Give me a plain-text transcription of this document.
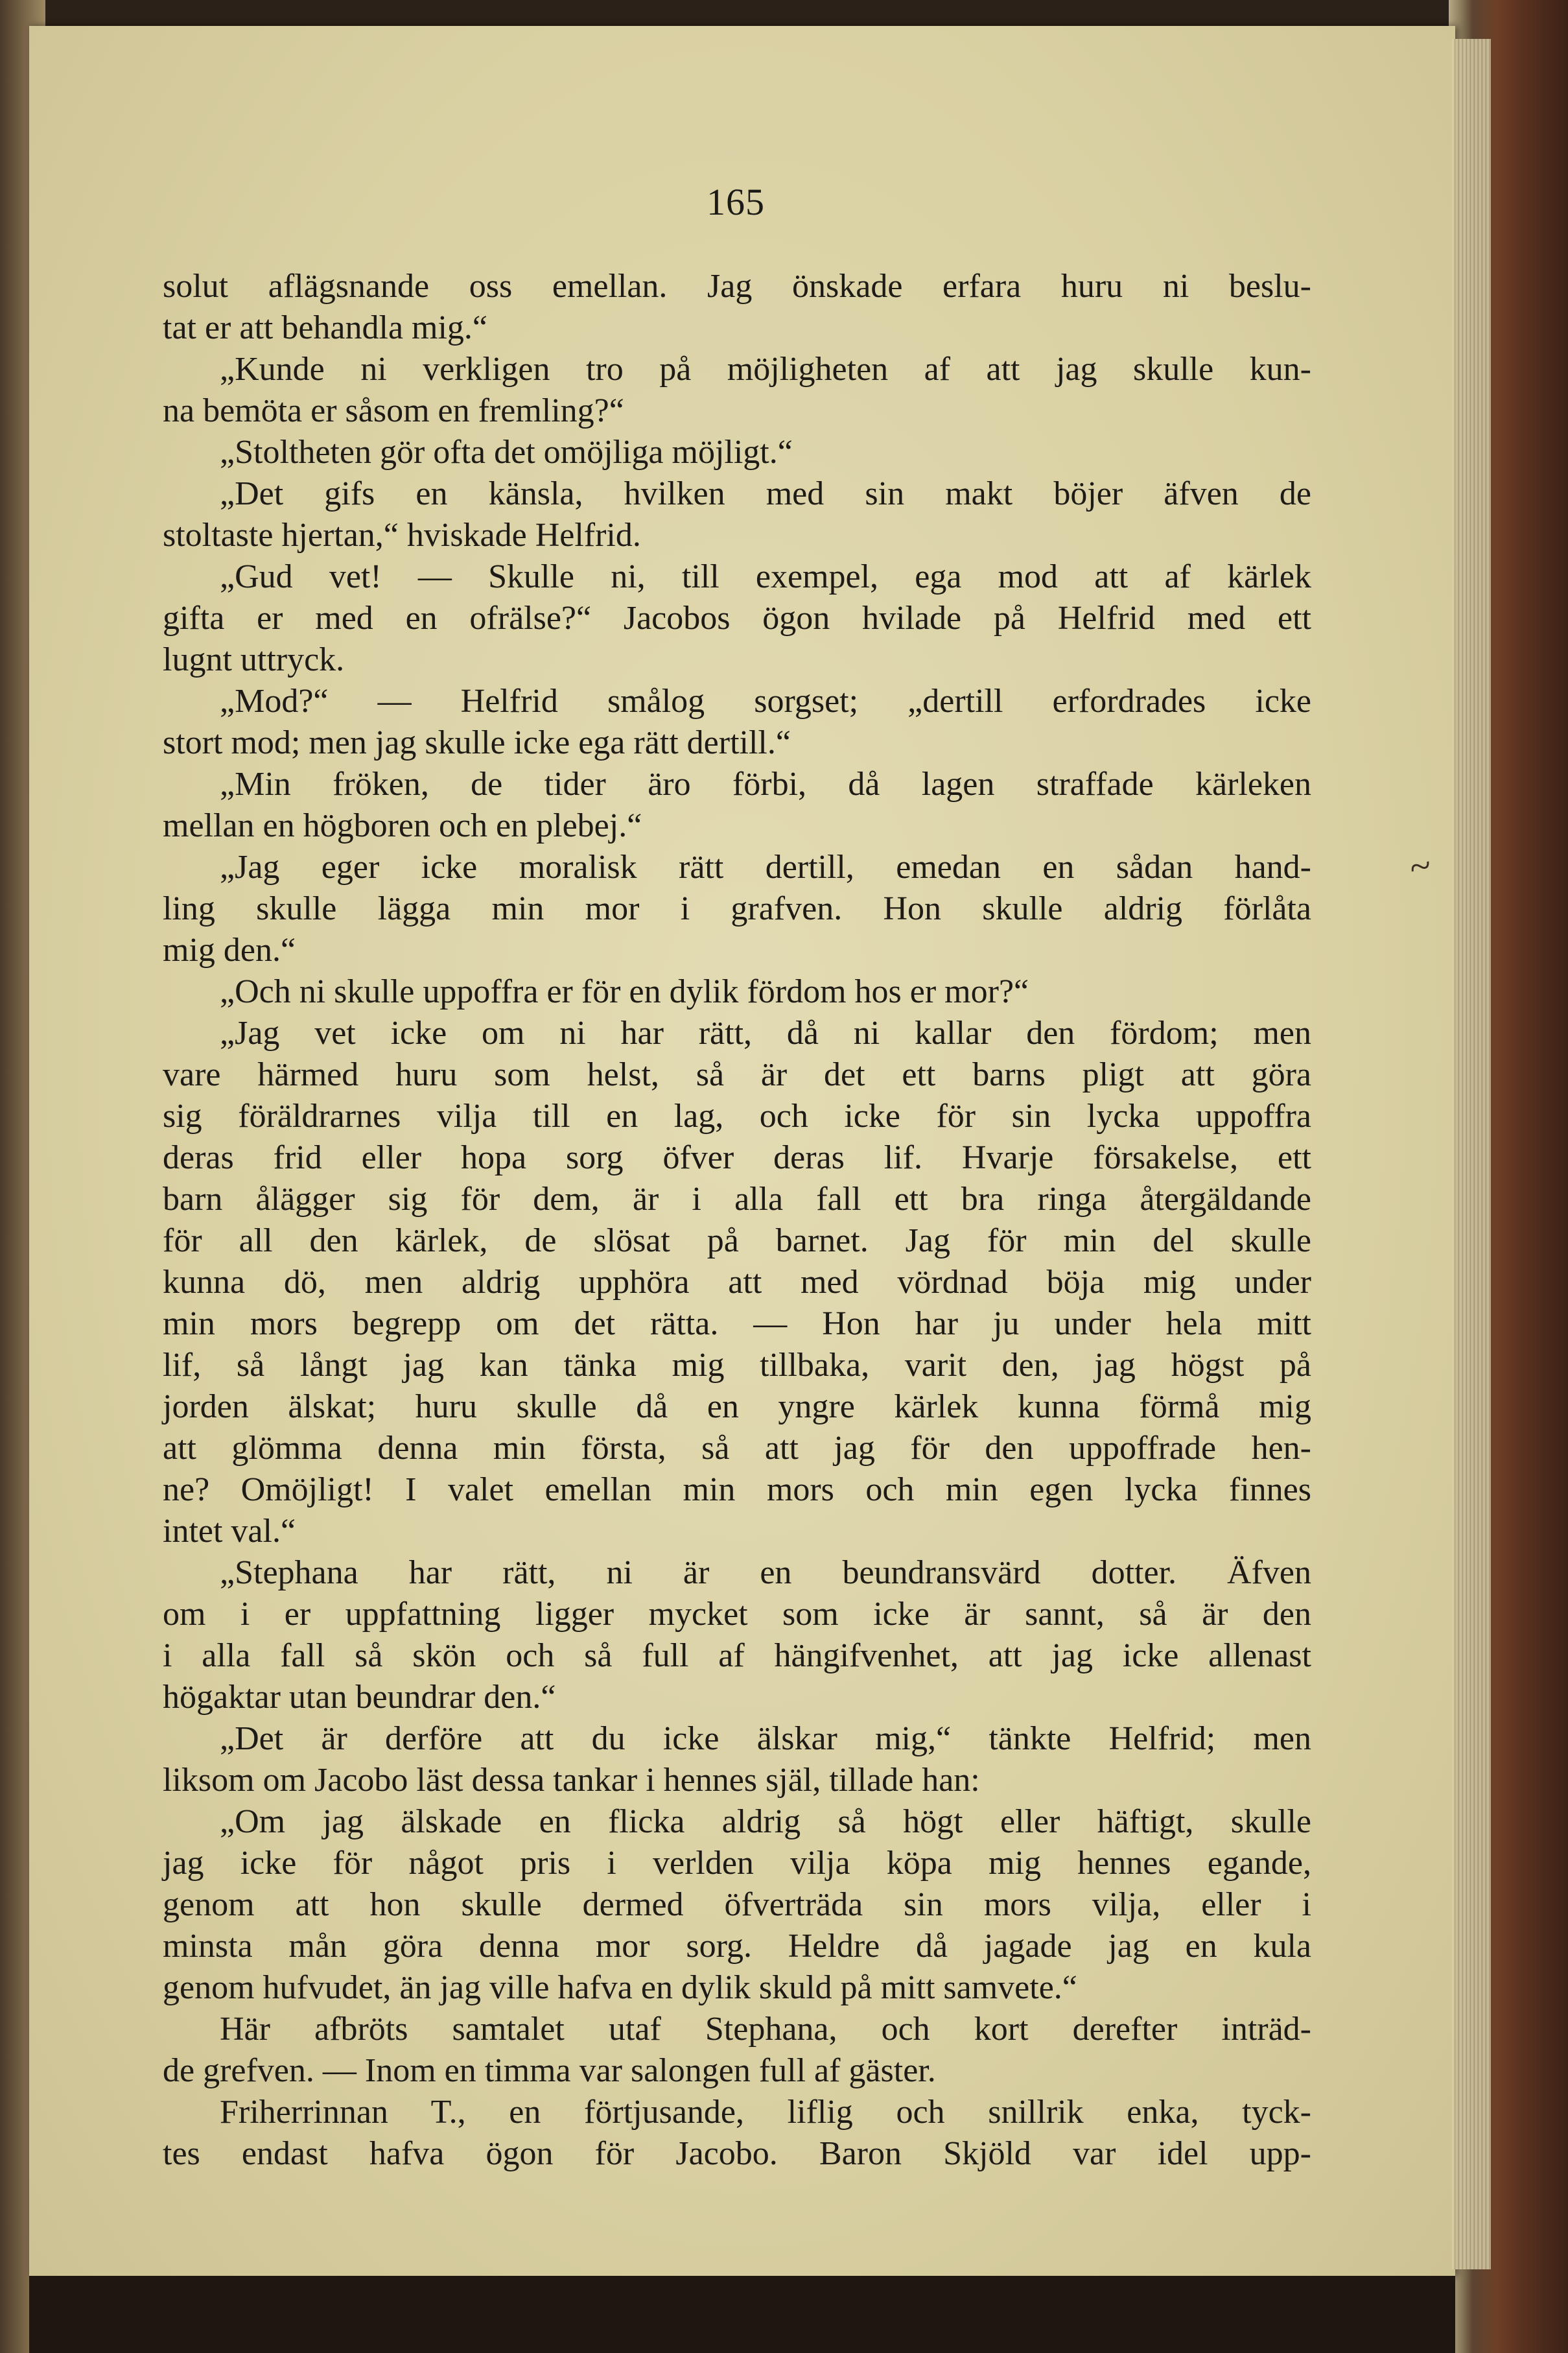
165
solut aflägsnande oss emellan. Jag önskade erfara huru ni beslu-
tat er att behandla mig.“
„Kunde ni verkligen tro på möjligheten af att jag skulle kun-
na bemöta er såsom en fremling?“
„Stoltheten gör ofta det omöjliga möjligt.“
„Det gifs en känsla, hvilken med sin makt böjer äfven de
stoltaste hjertan,“ hviskade Helfrid.
„Gud vet! — Skulle ni, till exempel, ega mod att af kärlek
gifta er med en ofrälse?“ Jacobos ögon hvilade på Helfrid med ett
lugnt uttryck.
„Mod?“ — Helfrid smålog sorgset; „dertill erfordrades icke
stort mod; men jag skulle icke ega rätt dertill.“
„Min fröken, de tider äro förbi, då lagen straffade kärleken
mellan en högboren och en plebej.“
„Jag eger icke moralisk rätt dertill, emedan en sådan hand-
ling skulle lägga min mor i grafven. Hon skulle aldrig förlåta
mig den.“
„Och ni skulle uppoffra er för en dylik fördom hos er mor?“
„Jag vet icke om ni har rätt, då ni kallar den fördom; men
vare härmed huru som helst, så är det ett barns pligt att göra
sig föräldrarnes vilja till en lag, och icke för sin lycka uppoffra
deras frid eller hopa sorg öfver deras lif. Hvarje försakelse, ett
barn ålägger sig för dem, är i alla fall ett bra ringa återgäldande
för all den kärlek, de slösat på barnet. Jag för min del skulle
kunna dö, men aldrig upphöra att med vördnad böja mig under
min mors begrepp om det rätta. — Hon har ju under hela mitt
lif, så långt jag kan tänka mig tillbaka, varit den, jag högst på
jorden älskat; huru skulle då en yngre kärlek kunna förmå mig
att glömma denna min första, så att jag för den uppoffrade hen-
ne? Omöjligt! I valet emellan min mors och min egen lycka finnes
intet val.“
„Stephana har rätt, ni är en beundransvärd dotter. Äfven
om i er uppfattning ligger mycket som icke är sannt, så är den
i alla fall så skön och så full af hängifvenhet, att jag icke allenast
högaktar utan beundrar den.“
„Det är derföre att du icke älskar mig,“ tänkte Helfrid; men
liksom om Jacobo läst dessa tankar i hennes själ, tillade han:
„Om jag älskade en flicka aldrig så högt eller häftigt, skulle
jag icke för något pris i verlden vilja köpa mig hennes egande,
genom att hon skulle dermed öfverträda sin mors vilja, eller i
minsta mån göra denna mor sorg. Heldre då jagade jag en kula
genom hufvudet, än jag ville hafva en dylik skuld på mitt samvete.“
Här afbröts samtalet utaf Stephana, och kort derefter inträd-
de grefven. — Inom en timma var salongen full af gäster.
Friherrinnan T., en förtjusande, liflig och snillrik enka, tyck-
tes endast hafva ögon för Jacobo. Baron Skjöld var idel upp-
~
